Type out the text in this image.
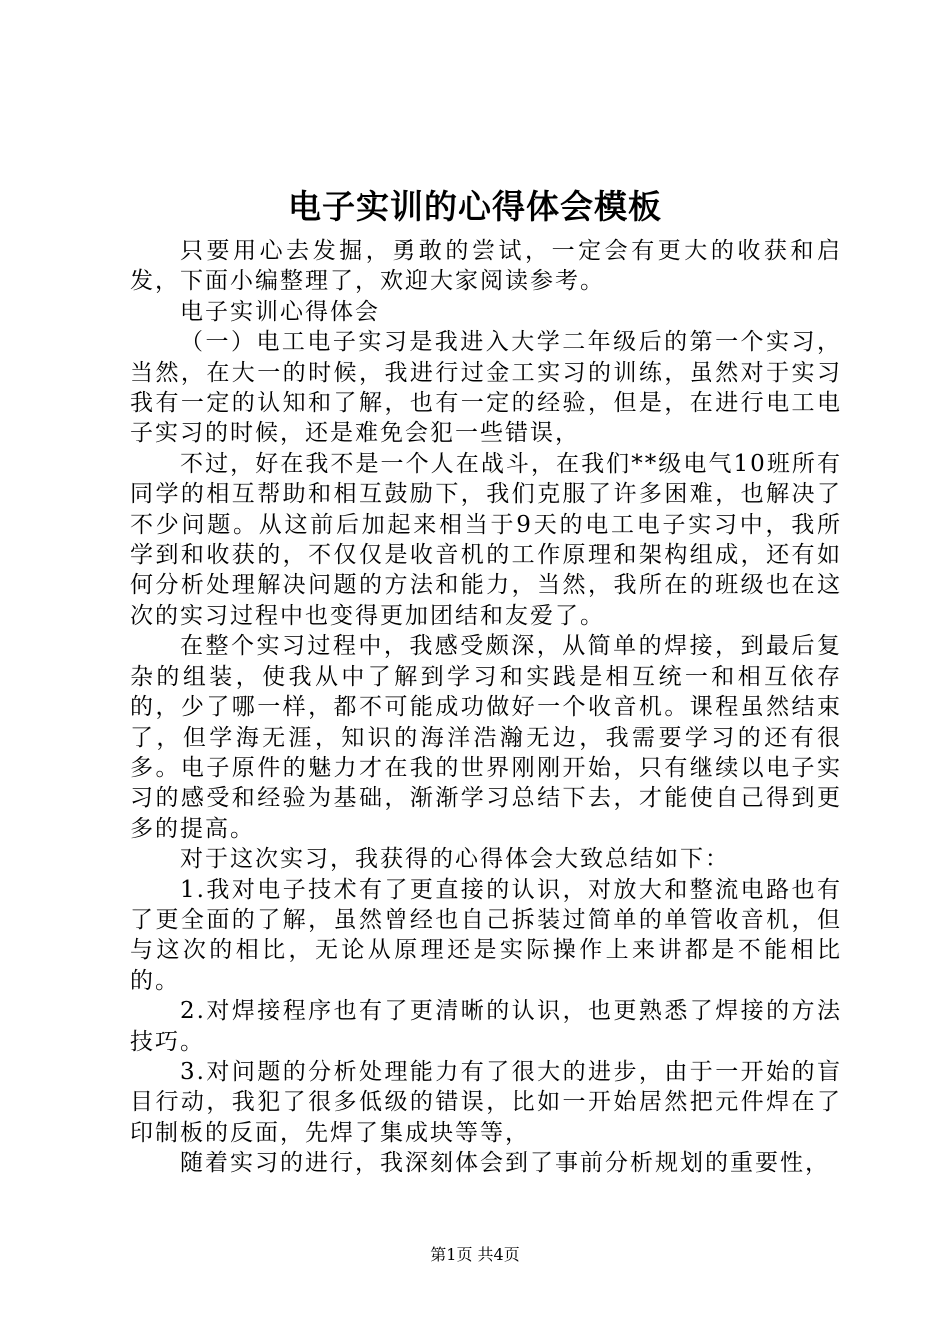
电子实训的心得体会模板

只要用心去发掘，勇敢的尝试，一定会有更大的收获和启发，下面小编整理了，欢迎大家阅读参考。

电子实训心得体会

（一）电工电子实习是我进入大学二年级后的第一个实习，当然，在大一的时候，我进行过金工实习的训练，虽然对于实习我有一定的认知和了解，也有一定的经验，但是，在进行电工电子实习的时候，还是难免会犯一些错误，

不过，好在我不是一个人在战斗，在我们**级电气10班所有同学的相互帮助和相互鼓励下，我们克服了许多困难，也解决了不少问题。从这前后加起来相当于9天的电工电子实习中，我所学到和收获的，不仅仅是收音机的工作原理和架构组成，还有如何分析处理解决问题的方法和能力，当然，我所在的班级也在这次的实习过程中也变得更加团结和友爱了。

在整个实习过程中，我感受颇深，从简单的焊接，到最后复杂的组装，使我从中了解到学习和实践是相互统一和相互依存的，少了哪一样，都不可能成功做好一个收音机。课程虽然结束了，但学海无涯，知识的海洋浩瀚无边，我需要学习的还有很多。电子原件的魅力才在我的世界刚刚开始，只有继续以电子实习的感受和经验为基础，渐渐学习总结下去，才能使自己得到更多的提高。

对于这次实习，我获得的心得体会大致总结如下：

1.我对电子技术有了更直接的认识，对放大和整流电路也有了更全面的了解，虽然曾经也自己拆装过简单的单管收音机，但与这次的相比，无论从原理还是实际操作上来讲都是不能相比的。

2.对焊接程序也有了更清晰的认识，也更熟悉了焊接的方法技巧。

3.对问题的分析处理能力有了很大的进步，由于一开始的盲目行动，我犯了很多低级的错误，比如一开始居然把元件焊在了印制板的反面，先焊了集成块等等，

随着实习的进行，我深刻体会到了事前分析规划的重要性，

第1页 共4页
